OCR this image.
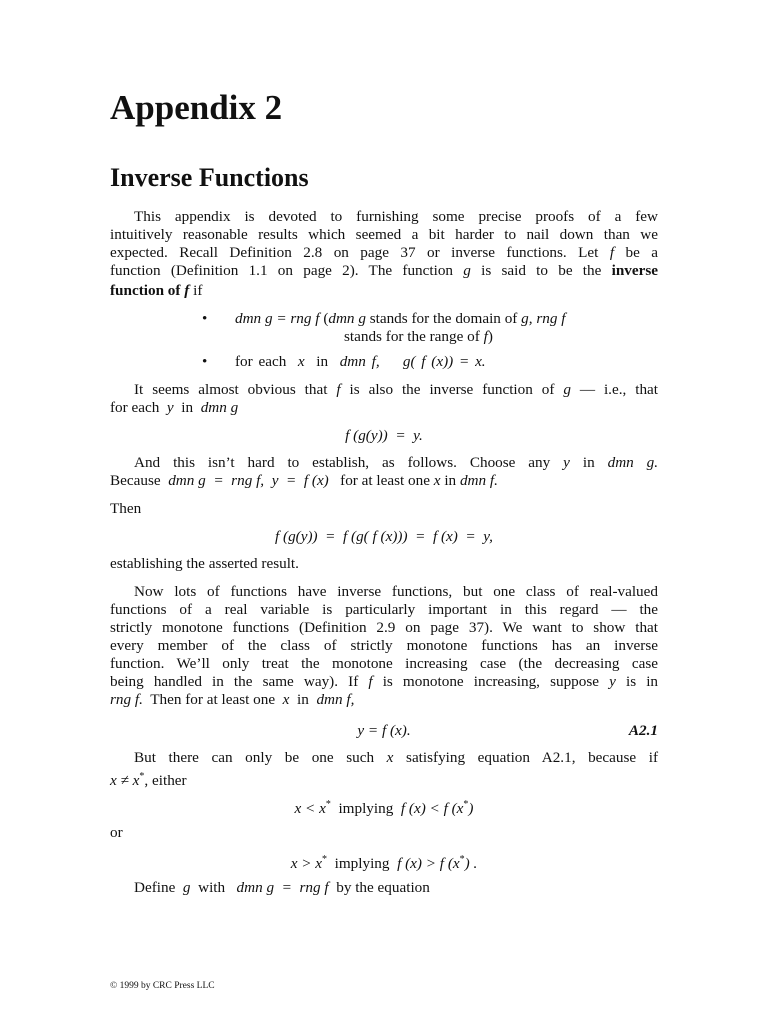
Appendix 2
Inverse Functions
This appendix is devoted to furnishing some precise proofs of a few
intuitively reasonable results which seemed a bit harder to nail down than we
expected. Recall Definition 2.8 on page 37 or inverse functions. Let f be a
function (Definition 1.1 on page 2). The function g is said to be the inverse
function of f if
• dmn g = rng f (dmn g stands for the domain of g, rng f
stands for the range of f)
• for each x in dmn f, g( f (x)) = x.
It seems almost obvious that f is also the inverse function of g — i.e., that
for each y in dmn g
f (g(y))  =  y.
And this isn’t hard to establish, as follows. Choose any y in dmn g.
Because dmn g  =  rng f,  y  =  f (x) for at least one x in dmn f.
Then
f (g(y))  =  f (g( f (x)))  =  f (x)  =  y,
establishing the asserted result.
Now lots of functions have inverse functions, but one class of real-valued
functions of a real variable is particularly important in this regard — the
strictly monotone functions (Definition 2.9 on page 37). We want to show that
every member of the class of strictly monotone functions has an inverse
function. We’ll only treat the monotone increasing case (the decreasing case
being handled in the same way). If f is monotone increasing, suppose y is in
rng f. Then for at least one x in dmn f,
y = f (x).	A2.1
But there can only be one such x satisfying equation A2.1, because if
x ≠ x*, either
x < x* implying f (x) < f (x*)
or
x > x* implying f (x) > f (x*) .
Define g with dmn g  =  rng f by the equation
© 1999 by CRC Press LLC
